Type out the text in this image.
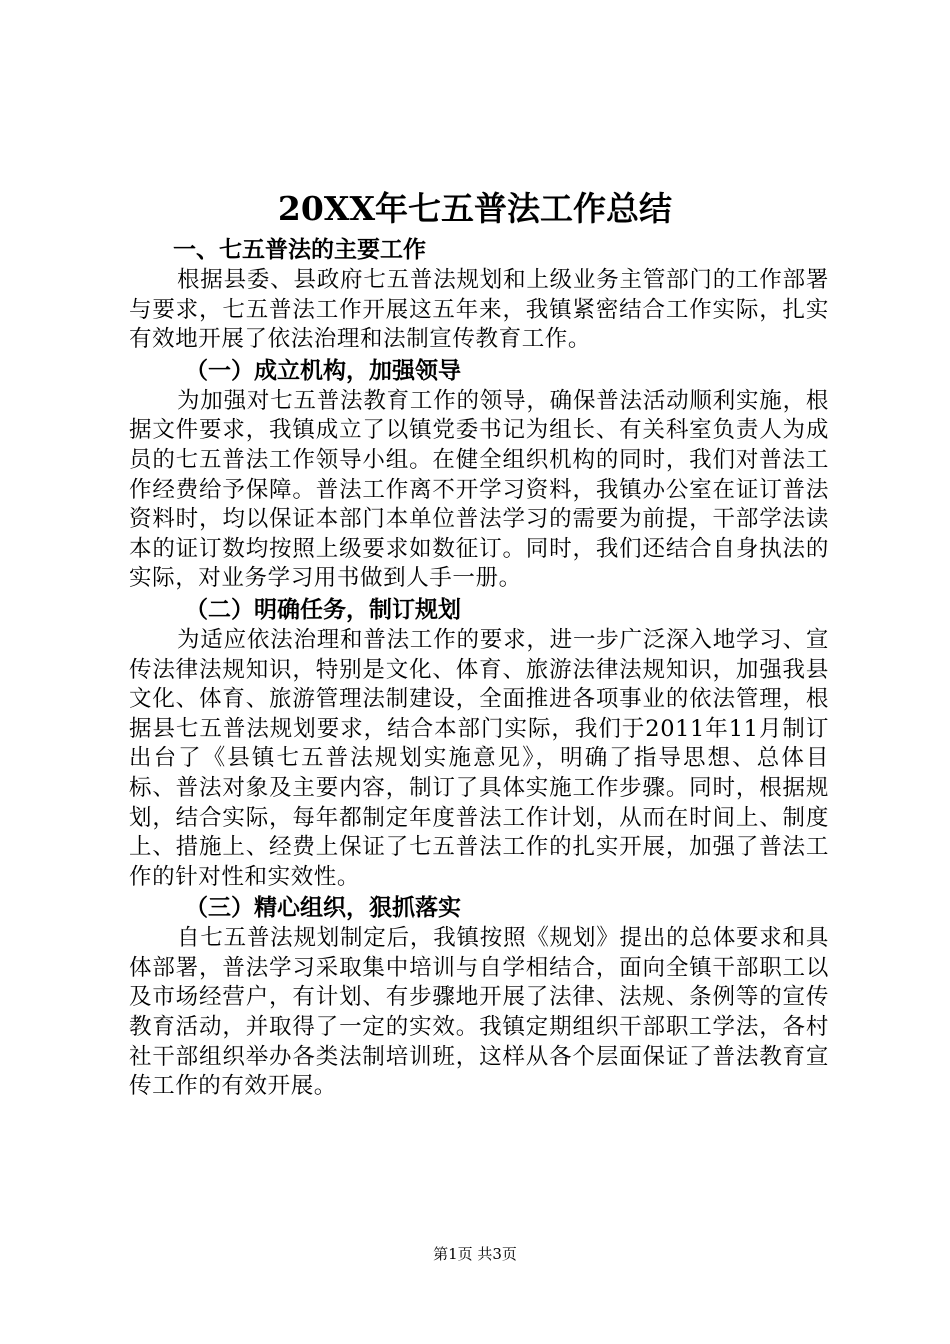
20XX年七五普法工作总结

一、七五普法的主要工作

根据县委、县政府七五普法规划和上级业务主管部门的工作部署与要求，七五普法工作开展这五年来，我镇紧密结合工作实际，扎实有效地开展了依法治理和法制宣传教育工作。

（一）成立机构，加强领导

为加强对七五普法教育工作的领导，确保普法活动顺利实施，根据文件要求，我镇成立了以镇党委书记为组长、有关科室负责人为成员的七五普法工作领导小组。在健全组织机构的同时，我们对普法工作经费给予保障。普法工作离不开学习资料，我镇办公室在证订普法资料时，均以保证本部门本单位普法学习的需要为前提，干部学法读本的证订数均按照上级要求如数征订。同时，我们还结合自身执法的实际，对业务学习用书做到人手一册。

（二）明确任务，制订规划

为适应依法治理和普法工作的要求，进一步广泛深入地学习、宣传法律法规知识，特别是文化、体育、旅游法律法规知识，加强我县文化、体育、旅游管理法制建设，全面推进各项事业的依法管理，根据县七五普法规划要求，结合本部门实际，我们于2011年11月制订出台了《县镇七五普法规划实施意见》，明确了指导思想、总体目标、普法对象及主要内容，制订了具体实施工作步骤。同时，根据规划，结合实际，每年都制定年度普法工作计划，从而在时间上、制度上、措施上、经费上保证了七五普法工作的扎实开展，加强了普法工作的针对性和实效性。

（三）精心组织，狠抓落实

自七五普法规划制定后，我镇按照《规划》提出的总体要求和具体部署，普法学习采取集中培训与自学相结合，面向全镇干部职工以及市场经营户，有计划、有步骤地开展了法律、法规、条例等的宣传教育活动，并取得了一定的实效。我镇定期组织干部职工学法，各村社干部组织举办各类法制培训班，这样从各个层面保证了普法教育宣传工作的有效开展。

第1页 共3页
